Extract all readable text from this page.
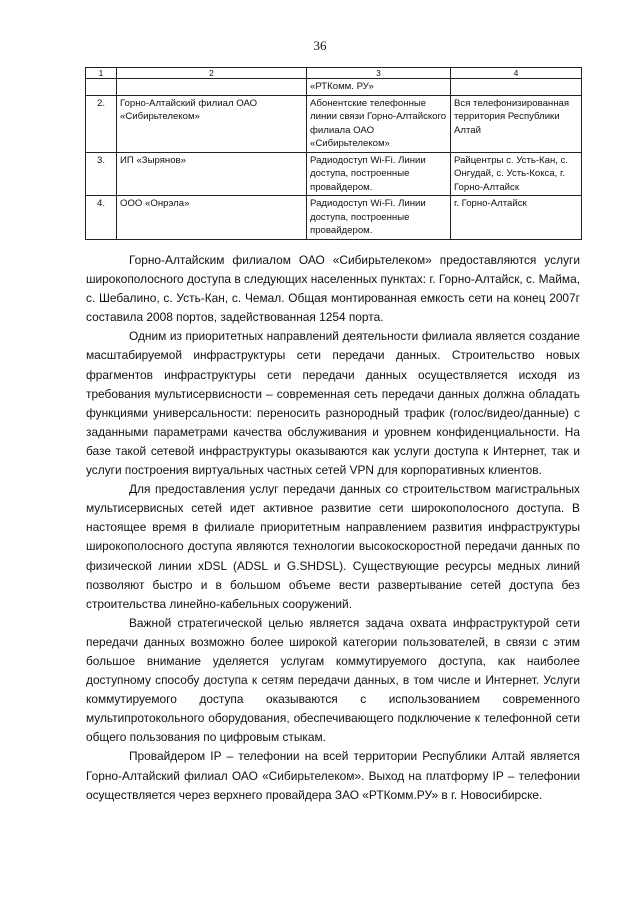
36
1	2	3	4
		«РТКомм. РУ»	
2.	Горно-Алтайский филиал ОАО «Сибирьтелеком»	Абонентские телефонные линии связи Горно-Алтайского филиала ОАО «Сибирьтелеком»	Вся телефонизированная территория Республики Алтай
3.	ИП «Зырянов»	Радиодоступ Wi-Fi. Линии доступа, построенные провайдером.	Райцентры с. Усть-Кан, с. Онгудай, с. Усть-Кокса, г. Горно-Алтайск
4.	ООО «Онрэла»	Радиодоступ Wi-Fi. Линии доступа, построенные провайдером.	г. Горно-Алтайск

Горно-Алтайским филиалом ОАО «Сибирьтелеком» предоставляются услуги широкополосного доступа в следующих населенных пунктах: г. Горно-Алтайск, с. Майма, с. Шебалино, с. Усть-Кан, с. Чемал. Общая монтированная емкость сети на конец 2007г составила 2008 портов, задействованная 1254 порта.

Одним из приоритетных направлений деятельности филиала является создание масштабируемой инфраструктуры сети передачи данных. Строительство новых фрагментов инфраструктуры сети передачи данных осуществляется исходя из требования мультисервисности – современная сеть передачи данных должна обладать функциями универсальности: переносить разнородный трафик (голос/видео/данные) с заданными параметрами качества обслуживания и уровнем конфиденциальности. На базе такой сетевой инфраструктуры оказываются как услуги доступа к Интернет, так и услуги построения виртуальных частных сетей VPN для корпоративных клиентов.

Для предоставления услуг передачи данных со строительством магистральных мультисервисных сетей идет активное развитие сети широкополосного доступа. В настоящее время в филиале приоритетным направлением развития инфраструктуры широкополосного доступа являются технологии высокоскоростной передачи данных по физической линии xDSL (ADSL и G.SHDSL). Существующие ресурсы медных линий позволяют быстро и в большом объеме вести развертывание сетей доступа без строительства линейно-кабельных сооружений.

Важной стратегической целью является задача охвата инфраструктурой сети передачи данных возможно более широкой категории пользователей, в связи с этим большое внимание уделяется услугам коммутируемого доступа, как наиболее доступному способу доступа к сетям передачи данных, в том числе и Интернет. Услуги коммутируемого доступа оказываются с использованием современного мультипротокольного оборудования, обеспечивающего подключение к телефонной сети общего пользования по цифровым стыкам.

Провайдером IP – телефонии на всей территории Республики Алтай является Горно-Алтайский филиал ОАО «Сибирьтелеком». Выход на платформу IP – телефонии осуществляется через верхнего провайдера ЗАО «РТКомм.РУ» в г. Новосибирске.
